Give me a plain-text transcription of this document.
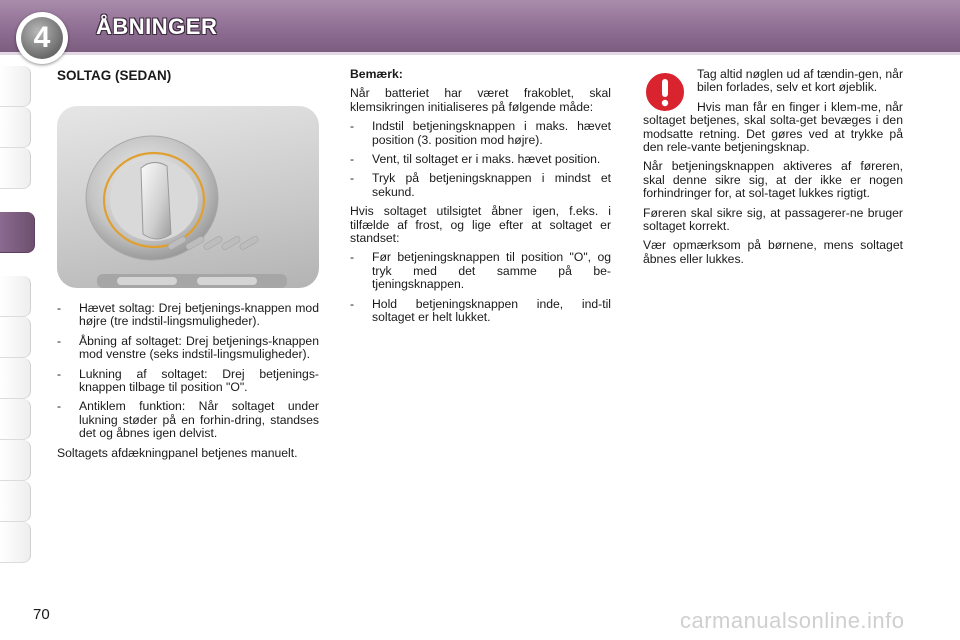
4	ÅBNINGER
SOLTAG (SEDAN)
- Hævet soltag: Drej betjenings-knappen mod højre (tre indstil-lingsmuligheder).
- Åbning af soltaget: Drej betjenings-knappen mod venstre (seks indstil-lingsmuligheder).
- Lukning af soltaget: Drej betjenings-knappen tilbage til position "O".
- Antiklem funktion: Når soltaget under lukning støder på en forhin-dring, standses det og åbnes igen delvist.

Soltagets afdækningpanel betjenes manuelt.

Bemærk:

Når batteriet har været frakoblet, skal klemsikringen initialiseres på følgende måde:

- Indstil betjeningsknappen i maks. hævet position (3. position mod højre).
- Vent, til soltaget er i maks. hævet position.
- Tryk på betjeningsknappen i mindst et sekund.

Hvis soltaget utilsigtet åbner igen, f.eks. i tilfælde af frost, og lige efter at soltaget er standset:

- Før betjeningsknappen til position "O", og tryk med det samme på be-tjeningsknappen.
- Hold betjeningsknappen inde, ind-til soltaget er helt lukket.

Tag altid nøglen ud af tændin-gen, når bilen forlades, selv et kort øjeblik.

Hvis man får en finger i klem-me, når soltaget betjenes, skal solta-get bevæges i den modsatte retning. Det gøres ved at trykke på den rele-vante betjeningsknap.

Når betjeningsknappen aktiveres af føreren, skal denne sikre sig, at der ikke er nogen forhindringer for, at sol-taget lukkes rigtigt.

Føreren skal sikre sig, at passagerer-ne bruger soltaget korrekt.

Vær opmærksom på børnene, mens soltaget åbnes eller lukkes.

70	carmanualsonline.info
